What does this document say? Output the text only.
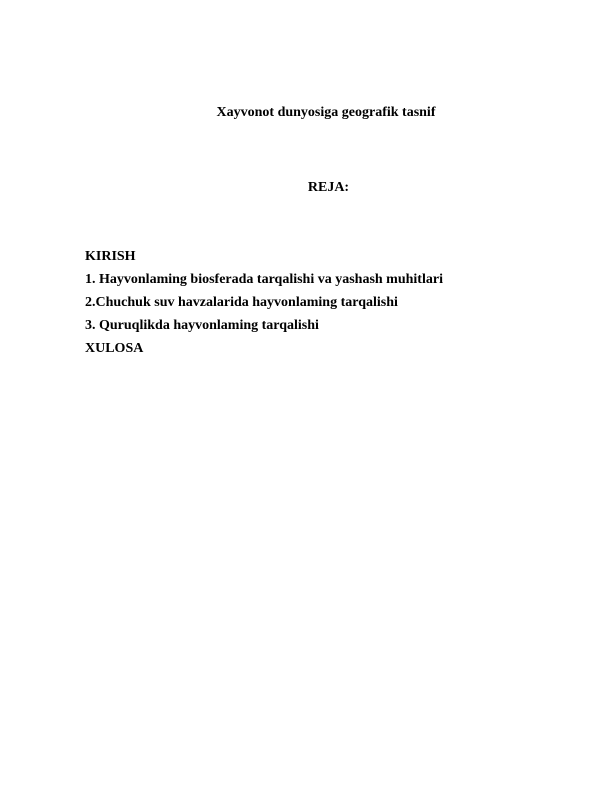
Xayvonot dunyosiga geografik tasnif
REJA:
KIRISH
1. Hayvonlaming biosferada tarqalishi va yashash muhitlari
2.Chuchuk suv havzalarida hayvonlaming tarqalishi
3. Quruqlikda hayvonlaming tarqalishi
XULOSA
